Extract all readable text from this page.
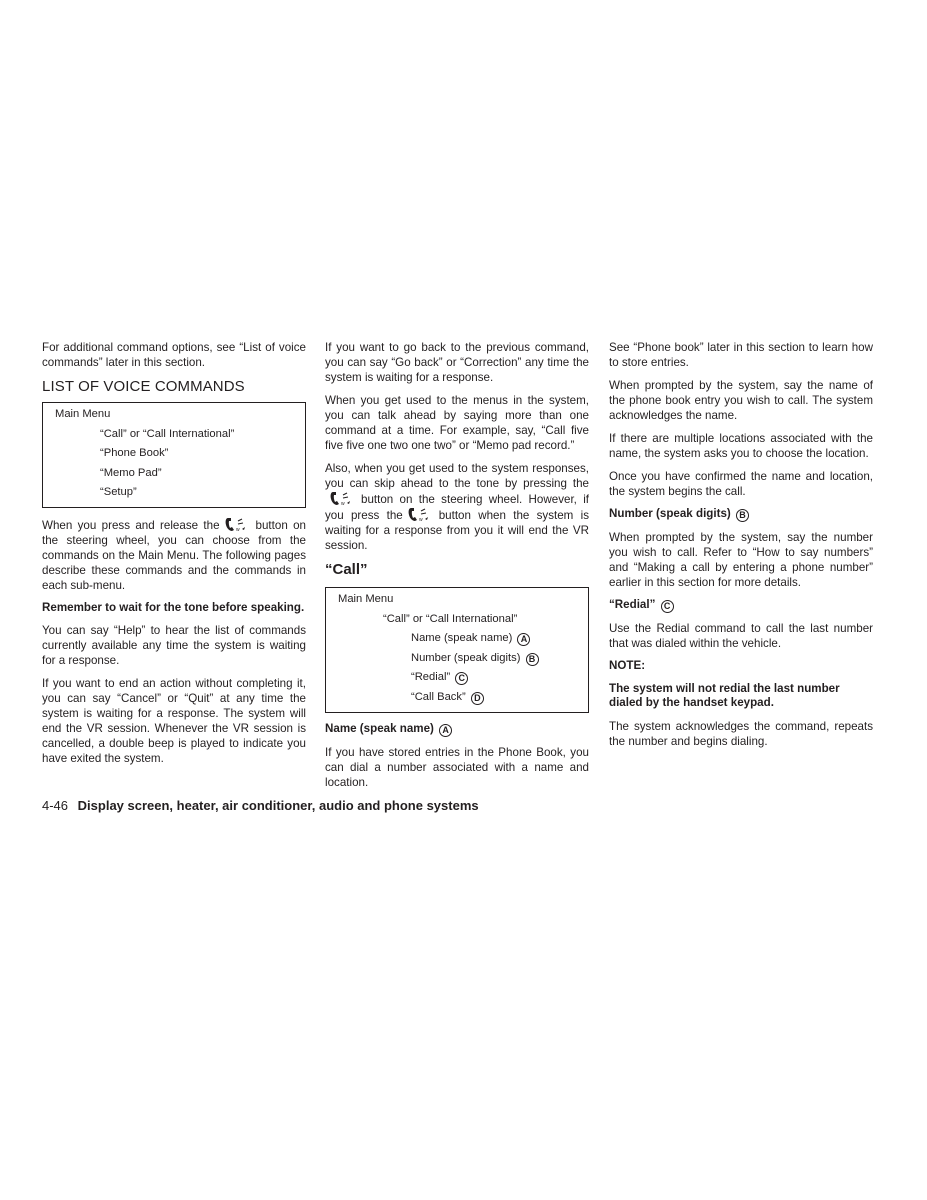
For additional command options, see “List of voice commands” later in this section.

LIST OF VOICE COMMANDS
Main Menu
“Call” or “Call International”
“Phone Book”
“Memo Pad”
“Setup”

When you press and release the	w button on the steering wheel, you can choose from the commands on the Main Menu. The following pages describe these commands and the commands in each sub-menu.

Remember to wait for the tone before speaking.

You can say “Help” to hear the list of commands currently available any time the system is waiting for a response.

If you want to end an action without completing it, you can say “Cancel” or “Quit” at any time the system is waiting for a response. The system will end the VR session. Whenever the VR session is cancelled, a double beep is played to indicate you have exited the system.

If you want to go back to the previous command, you can say “Go back” or “Correction” any time the system is waiting for a response.

When you get used to the menus in the system, you can talk ahead by saying more than one command at a time. For example, say, “Call five five five one two one two” or “Memo pad record.”

Also, when you get used to the system responses, you can skip ahead to the tone by pressing the
w button on the steering wheel. However, if you press the	w button when the system is waiting for a response from you it will end the VR session.

“Call”
Main Menu
“Call” or “Call International”
Name (speak name) A
Number (speak digits) B
“Redial” C
“Call Back” D

Name (speak name) A

If you have stored entries in the Phone Book, you can dial a number associated with a name and location.

See “Phone book” later in this section to learn how to store entries.

When prompted by the system, say the name of the phone book entry you wish to call. The system acknowledges the name.

If there are multiple locations associated with the name, the system asks you to choose the location.

Once you have confirmed the name and location, the system begins the call.

Number (speak digits) B

When prompted by the system, say the number you wish to call. Refer to “How to say numbers” and “Making a call by entering a phone number” earlier in this section for more details.

“Redial” C

Use the Redial command to call the last number that was dialed within the vehicle.

NOTE:

The system will not redial the last number dialed by the handset keypad.

The system acknowledges the command, repeats the number and begins dialing.

4-46 Display screen, heater, air conditioner, audio and phone systems
